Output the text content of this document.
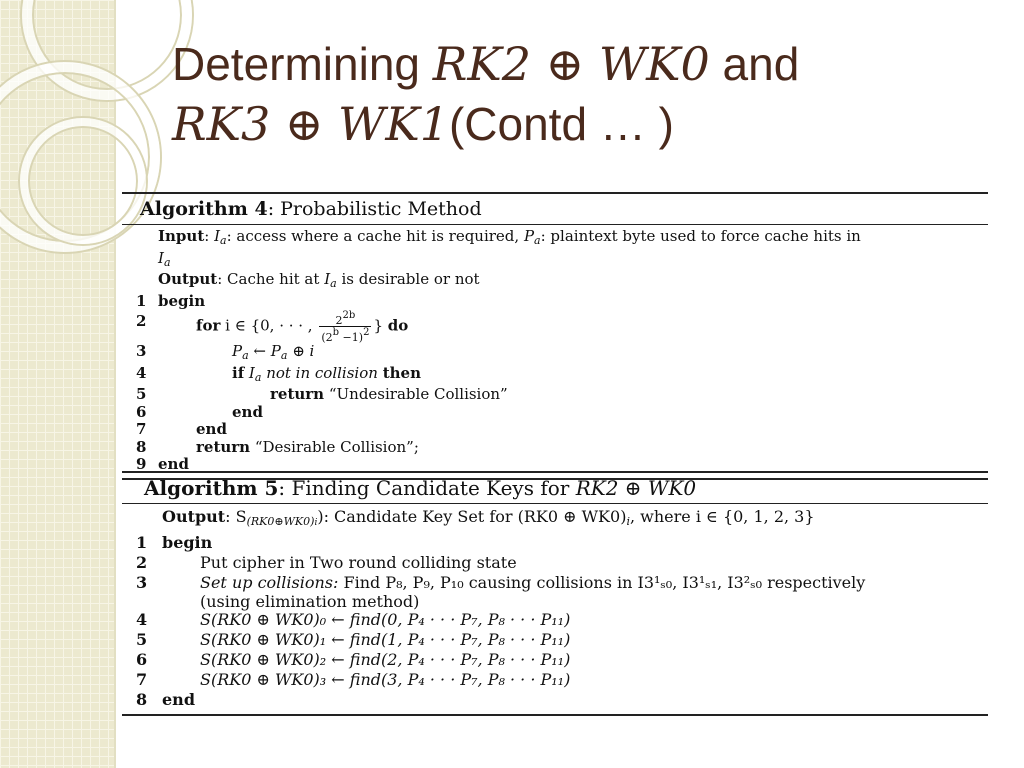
Determining RK2 ⊕ WK0 and
RK3 ⊕ WK1(Contd … )
Algorithm 4: Probabilistic Method
Input: $I_a$: access where a cache hit is required, $P_a$: plaintext byte used to force cache hits in
$I_a$
Output: Cache hit at $I_a$ is desirable or not
1 begin
2	for i ∈ {0, · · · , $\frac{22b}{(2b -1)2}$ } do
3	$P_a$ ← $P_a$ ⊕ i
4	if $I_a$ not in collision then
5	return “Undesirable Collision”
6	end
7	end
8	return “Desirable Collision”;
9 end
Algorithm 5: Finding Candidate Keys for RK2 ⊕ WK0
Output: $S_{(RK0\oplus WK0)i}$): Candidate Key Set for (RK0 ⊕ $WK0)_i$, where i ∈ {0, 1, 2, 3}
1 begin
2	Put cipher in Two round colliding state
3	Set up collisions: Find P₈, P₉, P₁₀ causing collisions in I3¹ₛ₀, I3¹ₛ₁, I3²ₛ₀ respectively
(using elimination method)
4	S(RK0 ⊕ WK0)₀ ← find(0, P₄ · · · P₇, P₈ · · · P₁₁)
5	S(RK0 ⊕ WK0)₁ ← find(1, P₄ · · · P₇, P₈ · · · P₁₁)
6	S(RK0 ⊕ WK0)₂ ← find(2, P₄ · · · P₇, P₈ · · · P₁₁)
7	S(RK0 ⊕ WK0)₃ ← find(3, P₄ · · · P₇, P₈ · · · P₁₁)
8 end
